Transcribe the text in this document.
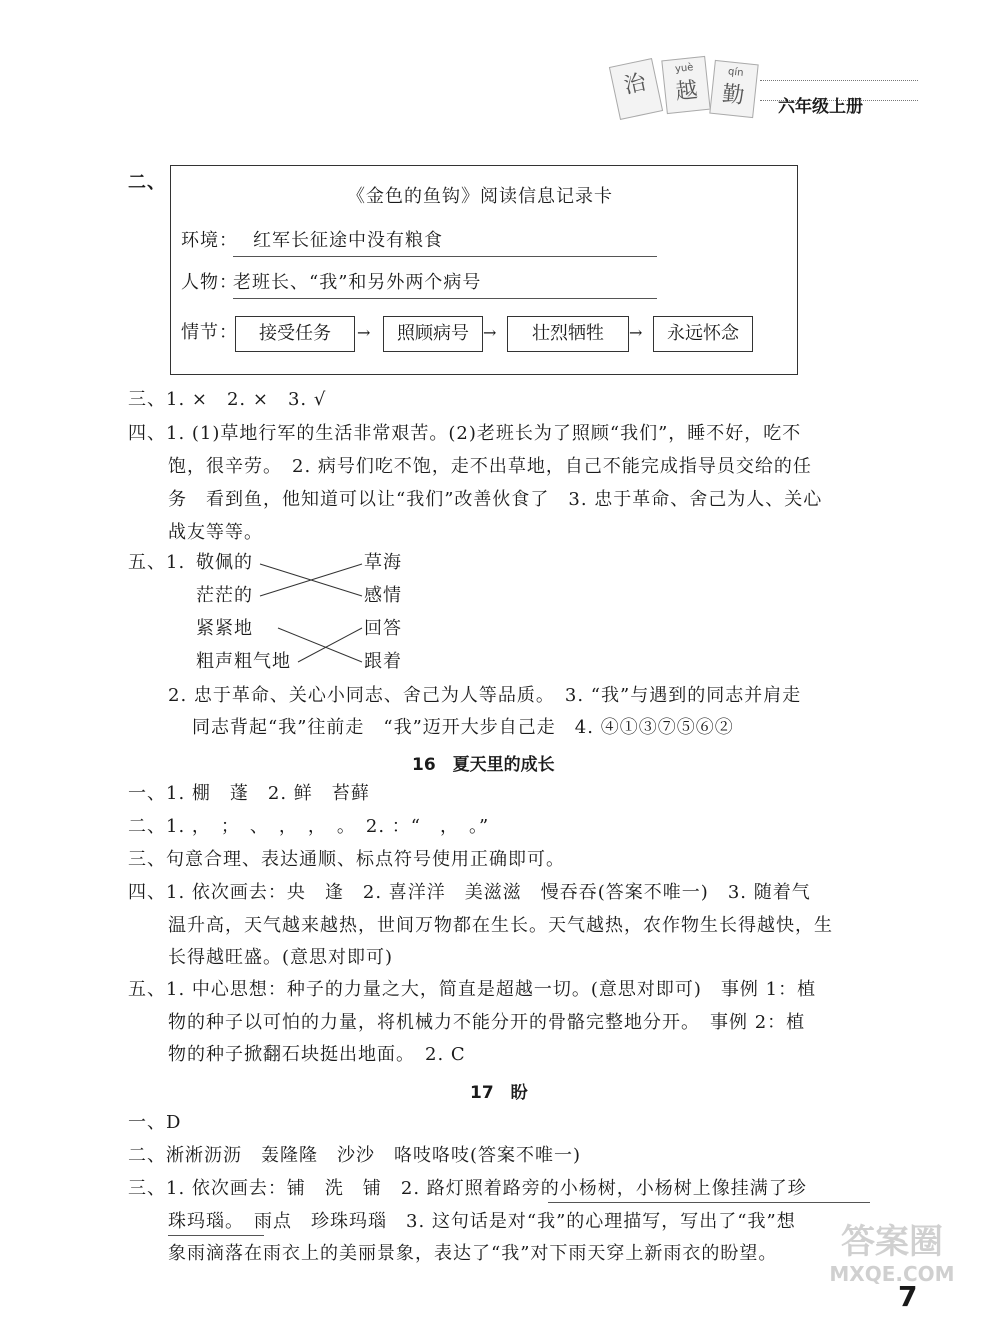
治
yuè
越
qín
勤	六年级上册
二、
《金色的鱼钩》阅读信息记录卡
环境： 红军长征途中没有粮食
人物：
老班长、“我”和另外两个病号
情节：	接受任务	→	照顾病号 →	壮烈牺牲	→	永远怀念
三、1. ×　2. ×　3. √
四、1. (1)草地行军的生活非常艰苦。(2)老班长为了照顾“我们”，睡不好，吃不
饱，很辛劳。　2. 病号们吃不饱，走不出草地，自己不能完成指导员交给的任
务　看到鱼，他知道可以让“我们”改善伙食了　3. 忠于革命、舍己为人、关心
战友等等。
五、1. 敬佩的
茫茫的
紧紧地
粗声粗气地
草海
感情
回答
跟着
2. 忠于革命、关心小同志、舍己为人等品质。　3. “我”与遇到的同志并肩走
同志背起“我”往前走　“我”迈开大步自己走　4. ④①③⑦⑤⑥②
16　夏天里的成长
一、1. 棚　蓬　2. 鲜　苔藓
二、1. ，　；　、　，　，　。　2. ：“　，　。”
三、句意合理、表达通顺、标点符号使用正确即可。
四、1. 依次画去：央　逢　2. 喜洋洋　美滋滋　慢吞吞(答案不唯一)　3. 随着气
温升高，天气越来越热，世间万物都在生长。天气越热，农作物生长得越快，生
长得越旺盛。(意思对即可)
五、1. 中心思想：种子的力量之大，简直是超越一切。(意思对即可)　事例 1：植
物的种子以可怕的力量，将机械力不能分开的骨骼完整地分开。　事例 2：植
物的种子掀翻石块挺出地面。　2. C
17　盼
一、D
二、淅淅沥沥　轰隆隆　沙沙　咯吱咯吱(答案不唯一)
三、1. 依次画去：铺　洗　铺　2. 路灯照着路旁的小杨树，小杨树上像挂满了珍
珠玛瑙。　雨点　珍珠玛瑙　3. 这句话是对“我”的心理描写，写出了“我”想
象雨滴落在雨衣上的美丽景象，表达了“我”对下雨天穿上新雨衣的盼望。
7
答案圈
MXQE.COM
